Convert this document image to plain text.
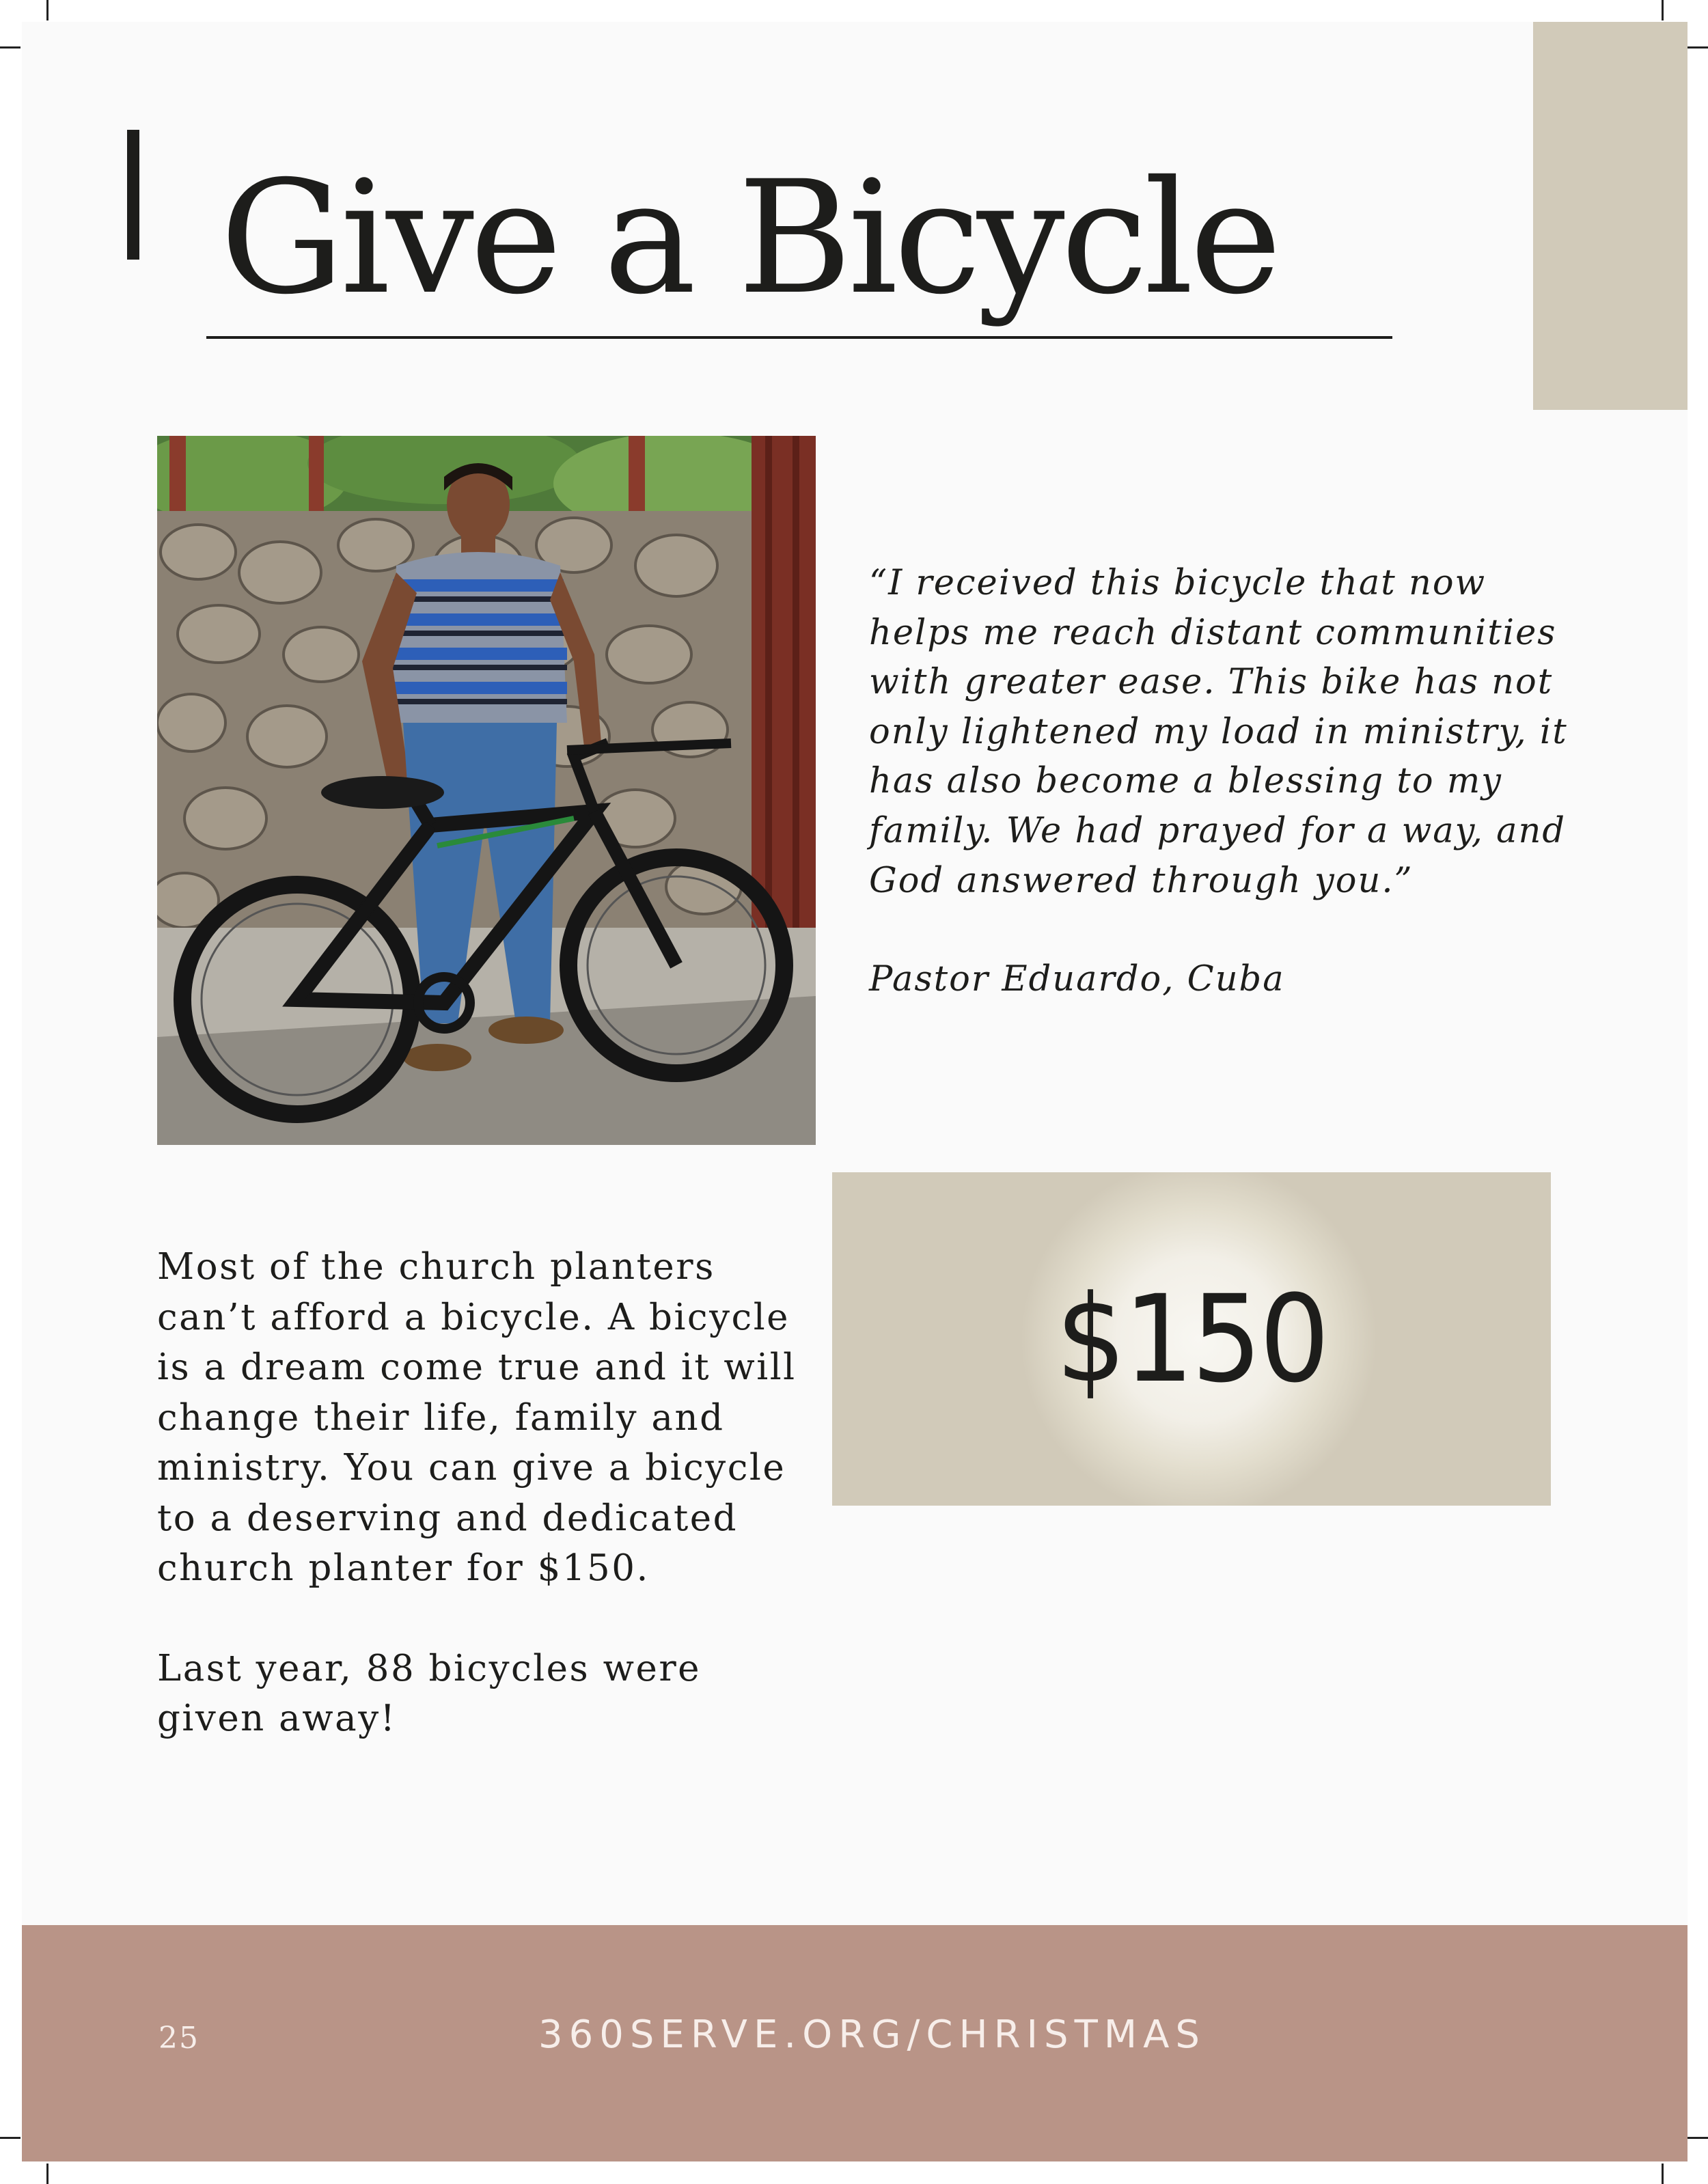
Give a Bicycle

“I received this bicycle that now helps me reach distant communities with greater ease. This bike has not only lightened my load in ministry, it has also become a blessing to my family. We had prayed for a way, and God answered through you.”

Pastor Eduardo, Cuba

$150

Most of the church planters can’t afford a bicycle. A bicycle is a dream come true and it will change their life, family and ministry. You can give a bicycle to a deserving and dedicated church planter for $150.

Last year, 88 bicycles were given away!

25	360SERVE.ORG/CHRISTMAS
